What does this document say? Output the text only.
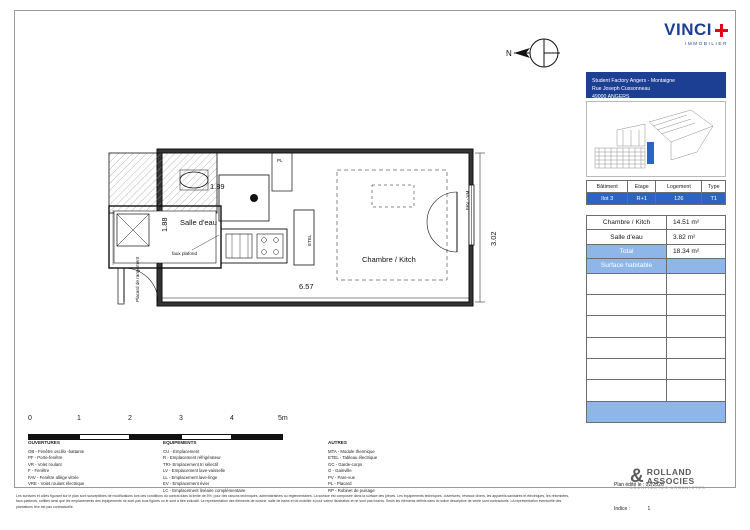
VINCI
IMMOBILIER
N
1.89
1.88
6.57
3.02
Salle d'eau
Chambre / Kitch
ETEL
PL
FAV - VM
faux plafond
Placard de rangement
Student Factory Angers - Montaigne
Rue Joseph Cussonneau
49000 ANGERS
Bâtiment	Etage	Logement	Type
Ilot 3	R+1	126	T1
Chambre / Kitch	14.51 m²
Salle d'eau	3.82 m²
Total	18.34 m²
Surface habitable	

Plan édité le : 02/2026
Indice :	1
& ROLLAND
ASSOCIES
ARCHITECTES URBANISTES
0	1	2	3	4	5m
OUVERTURES
OB - Fenêtre oscillo -battante
PF - Porte-fenêtre
VR - Volet roulant
F - Fenêtre
FAV - Fenêtre allège vitrée
VRE - Volet roulant électrique
EQUIPEMENTS
CU - Emplacement
R - Emplacement réfrigérateur
TRI- Emplacement tri sélectif
LV - Emplacement lave-vaisselle
LL - Emplacement lave-linge
EV - Emplacement évier
LC - Emplacement linéaire complémentaire
AUTRES
MTA - Module thermique
ETEL - Tableau électrique
GC - Garde-corps
G - Gainville
PV - Pare-vue
PL - Placard
RP - Robinet de puisage
Les surfaces et côtes figurant sur le plan sont susceptibles de modifications lors des conditions du contrat dans la limite de 5%, pour des raisons techniques, administratives ou réglementaires. La surface est composée dans la surface des pièces. Les équipements techniques, ouvertures, réseaux divers, les appareils sanitaires et électriques, les retombées, faux-plafonds, soffites ainsi que les emplacements des équipements ne sont pas tous figurés ou le sont à titre indicatif. La représentation des éléments de cuisine, salle de bains et de mobilier a pour valeur illustrative et ne sont pas fournis. Seuls les éléments définis dans la notice descriptive de vente sont contractuels. La représentation éventuelle des plantations leur est pas contractuelle.
